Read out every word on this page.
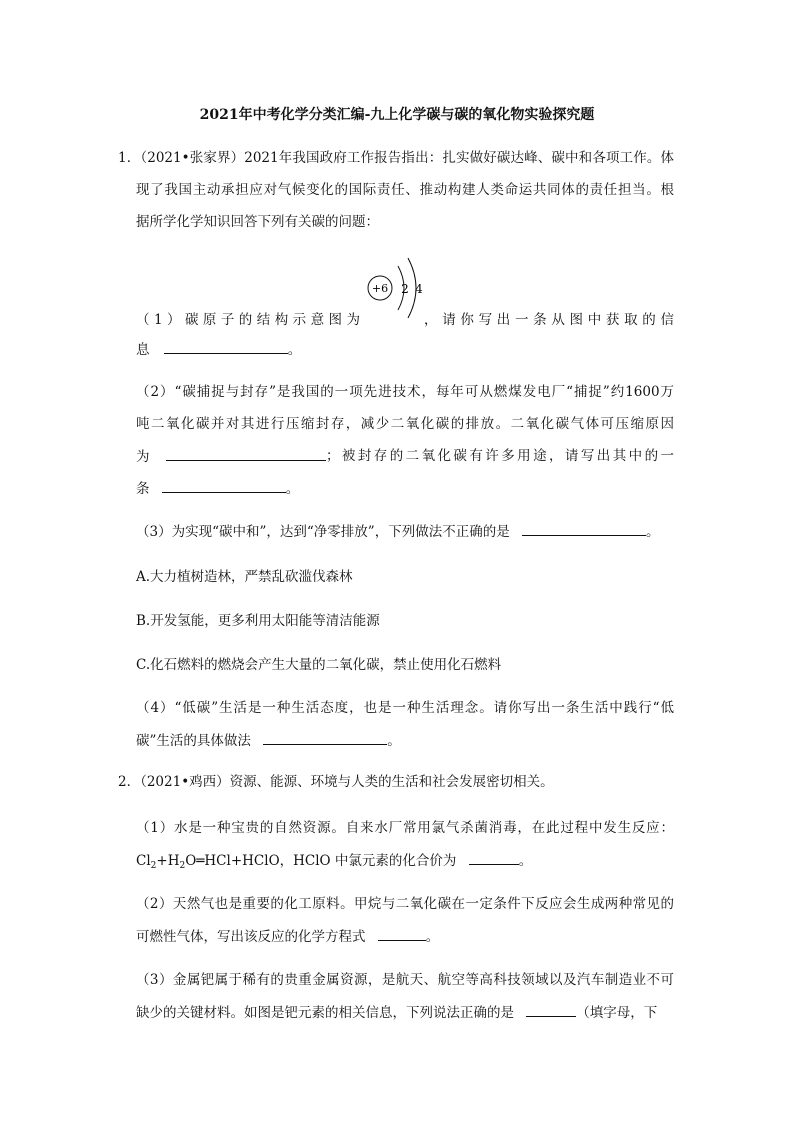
2021年中考化学分类汇编-九上化学碳与碳的氧化物实验探究题
1．（2021•张家界）2021年我国政府工作报告指出：扎实做好碳达峰、碳中和各项工作。体
现了我国主动承担应对气候变化的国际责任、推动构建人类命运共同体的责任担当。根
据所学化学知识回答下列有关碳的问题：
+6 2 4
（1）碳原子的结构示意图为	，请你写出一条从图中获取的信
息	。
（2）“碳捕捉与封存”是我国的一项先进技术，每年可从燃煤发电厂“捕捉”约1600万
吨二氧化碳并对其进行压缩封存，减少二氧化碳的排放。二氧化碳气体可压缩原因
为	；被封存的二氧化碳有许多用途，请写出其中的一
条	。
（3）为实现“碳中和”，达到“净零排放”，下列做法不正确的是	。
A.大力植树造林，严禁乱砍滥伐森林
B.开发氢能，更多利用太阳能等清洁能源
C.化石燃料的燃烧会产生大量的二氧化碳，禁止使用化石燃料
（4）“低碳”生活是一种生活态度，也是一种生活理念。请你写出一条生活中践行“低
碳”生活的具体做法	。
2．（2021•鸡西）资源、能源、环境与人类的生活和社会发展密切相关。
（1）水是一种宝贵的自然资源。自来水厂常用氯气杀菌消毒，在此过程中发生反应：
$Cl_2+H_2O═HCl+HClO$，HClO 中氯元素的化合价为	。
（2）天然气也是重要的化工原料。甲烷与二氧化碳在一定条件下反应会生成两种常见的
可燃性气体，写出该反应的化学方程式	。
（3）金属钯属于稀有的贵重金属资源，是航天、航空等高科技领域以及汽车制造业不可
缺少的关键材料。如图是钯元素的相关信息，下列说法正确的是	（填字母，下
